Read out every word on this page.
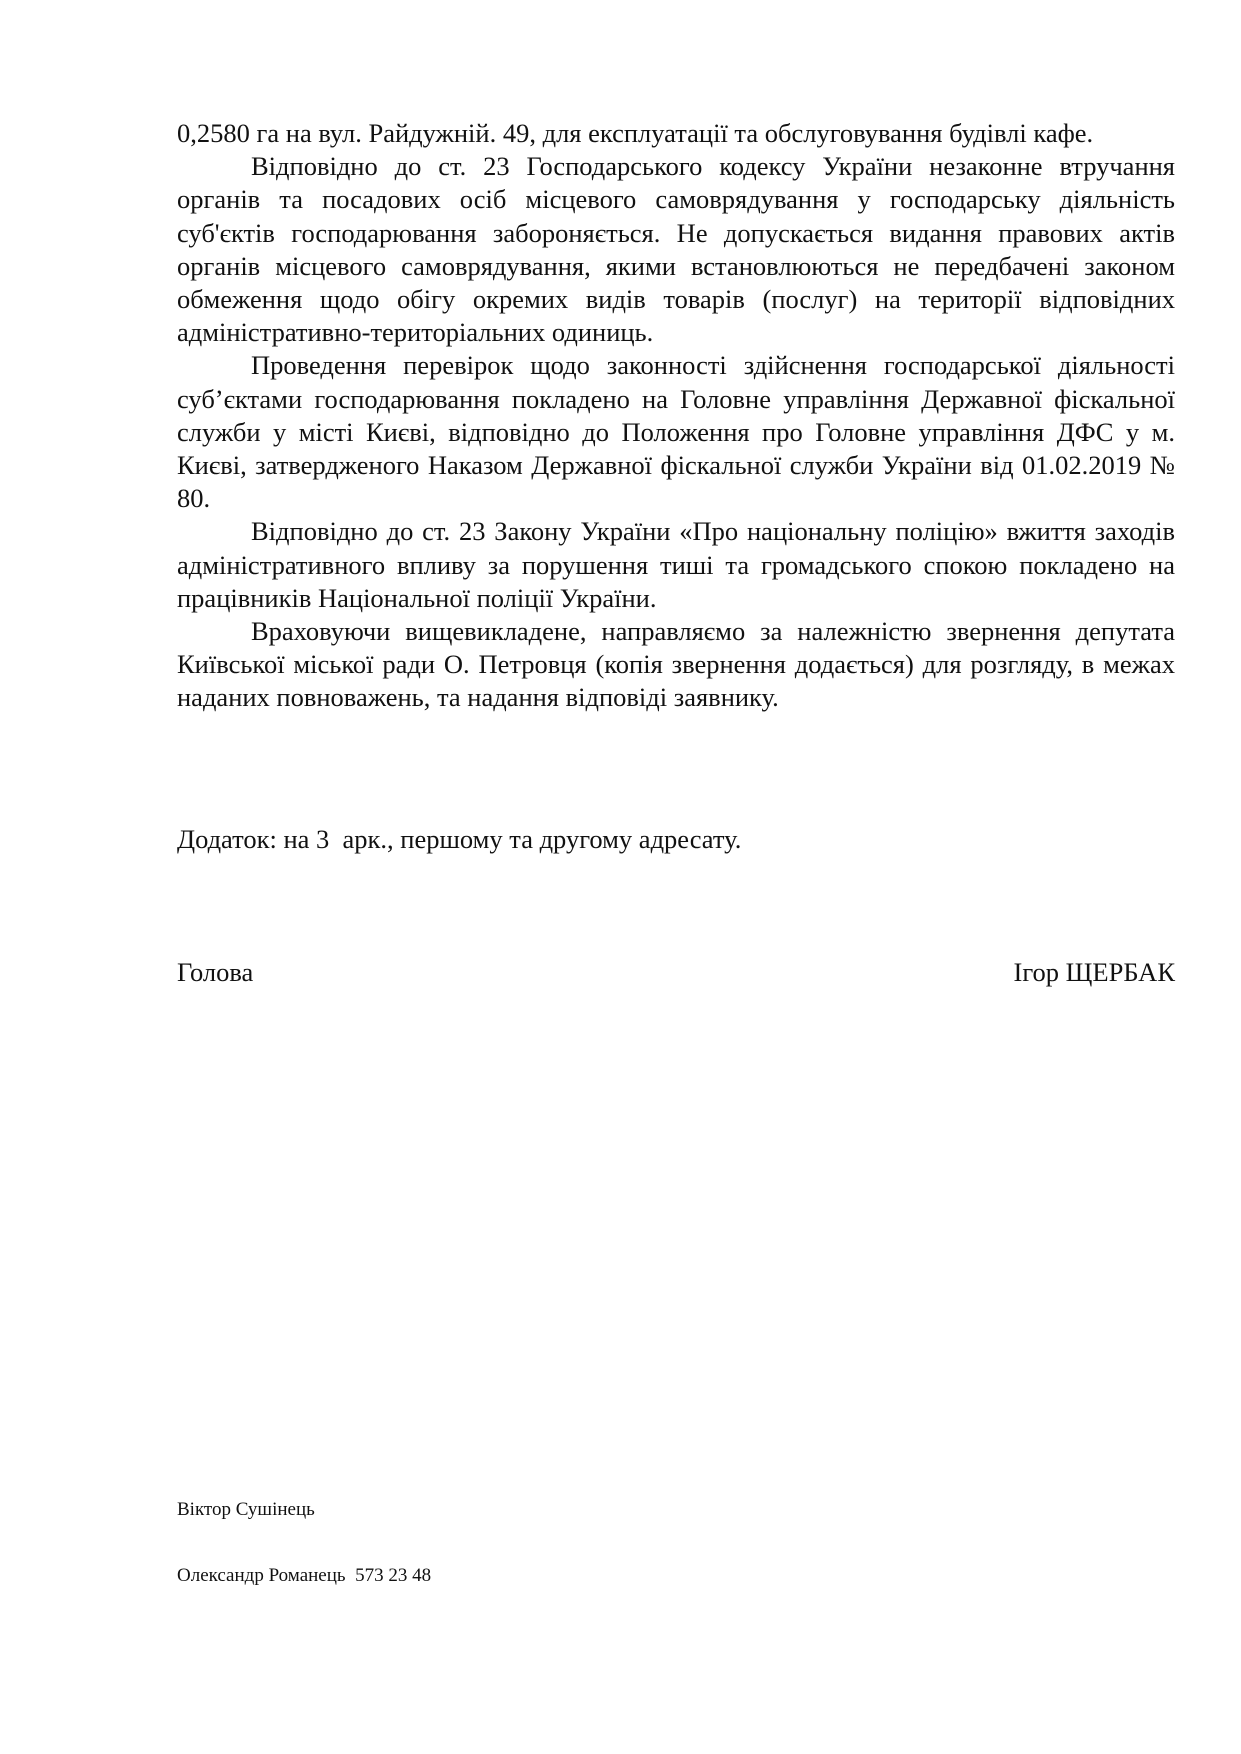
0,2580 га на вул. Райдужній. 49, для експлуатації та обслуговування будівлі кафе.

Відповідно до ст. 23 Господарського кодексу України незаконне втручання органів та посадових осіб місцевого самоврядування у господарську діяльність суб'єктів господарювання забороняється. Не допускається видання правових актів органів місцевого самоврядування, якими встановлюються не передбачені законом обмеження щодо обігу окремих видів товарів (послуг) на території відповідних адміністративно-територіальних одиниць.

Проведення перевірок щодо законності здійснення господарської діяльності суб’єктами господарювання покладено на Головне управління Державної фіскальної служби у місті Києві, відповідно до Положення про Головне управління ДФС у м. Києві, затвердженого Наказом Державної фіскальної служби України від 01.02.2019 № 80.

Відповідно до ст. 23 Закону України «Про національну поліцію» вжиття заходів адміністративного впливу за порушення тиші та громадського спокою покладено на працівників Національної поліції України.

Враховуючи вищевикладене, направляємо за належністю звернення депутата Київської міської ради О. Петровця (копія звернення додається) для розгляду, в межах наданих повноважень, та надання відповіді заявнику.

Додаток: на 3  арк., першому та другому адресату.
Голова	Ігор ЩЕРБАК

Віктор Сушінець

Олександр Романець  573 23 48
